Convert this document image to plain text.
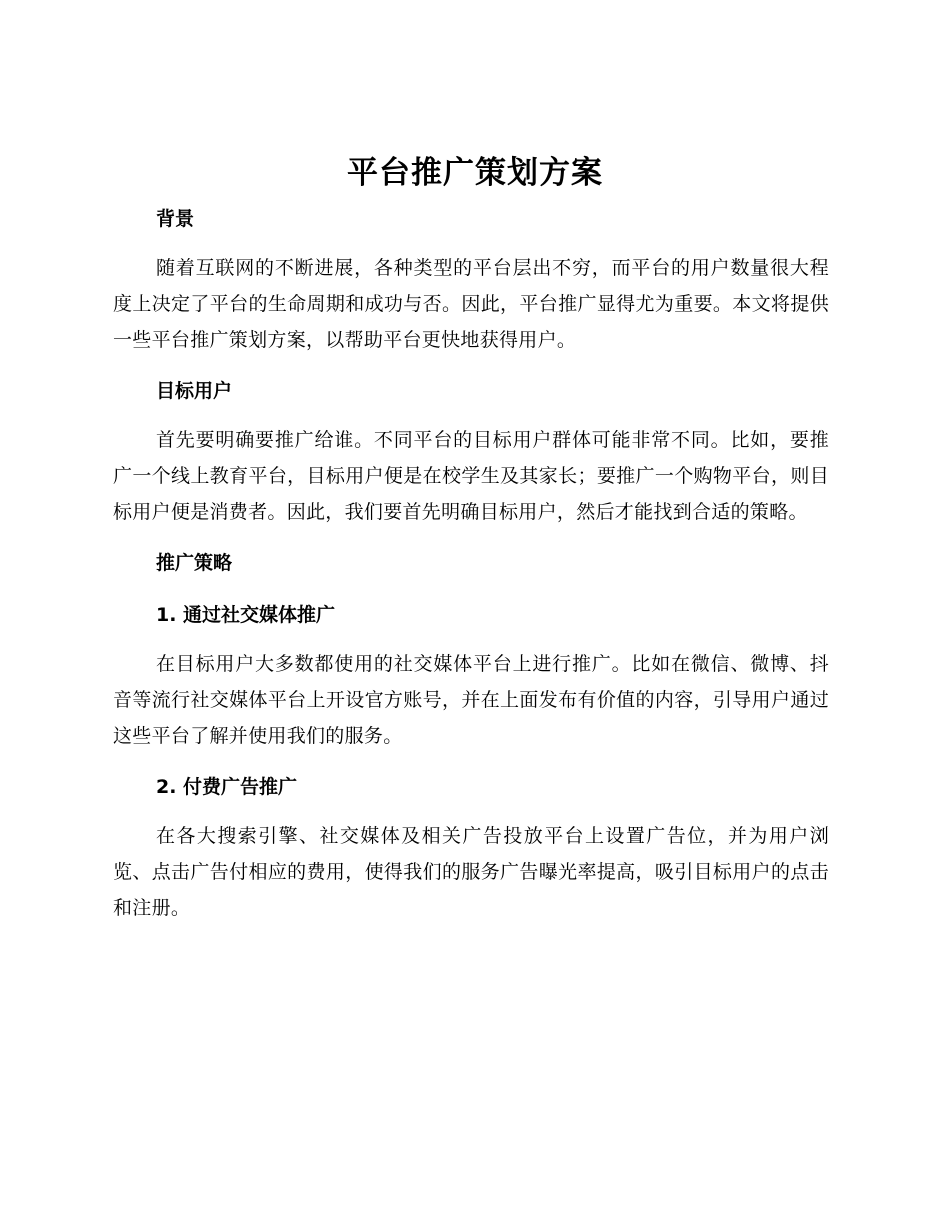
平台推广策划方案
背景

随着互联网的不断进展，各种类型的平台层出不穷，而平台的用户数量很大程度上决定了平台的生命周期和成功与否。因此，平台推广显得尤为重要。本文将提供一些平台推广策划方案，以帮助平台更快地获得用户。

目标用户

首先要明确要推广给谁。不同平台的目标用户群体可能非常不同。比如，要推广一个线上教育平台，目标用户便是在校学生及其家长；要推广一个购物平台，则目标用户便是消费者。因此，我们要首先明确目标用户，然后才能找到合适的策略。

推广策略
1. 通过社交媒体推广

在目标用户大多数都使用的社交媒体平台上进行推广。比如在微信、微博、抖音等流行社交媒体平台上开设官方账号，并在上面发布有价值的内容，引导用户通过这些平台了解并使用我们的服务。

2. 付费广告推广

在各大搜索引擎、社交媒体及相关广告投放平台上设置广告位，并为用户浏览、点击广告付相应的费用，使得我们的服务广告曝光率提高，吸引目标用户的点击和注册。
